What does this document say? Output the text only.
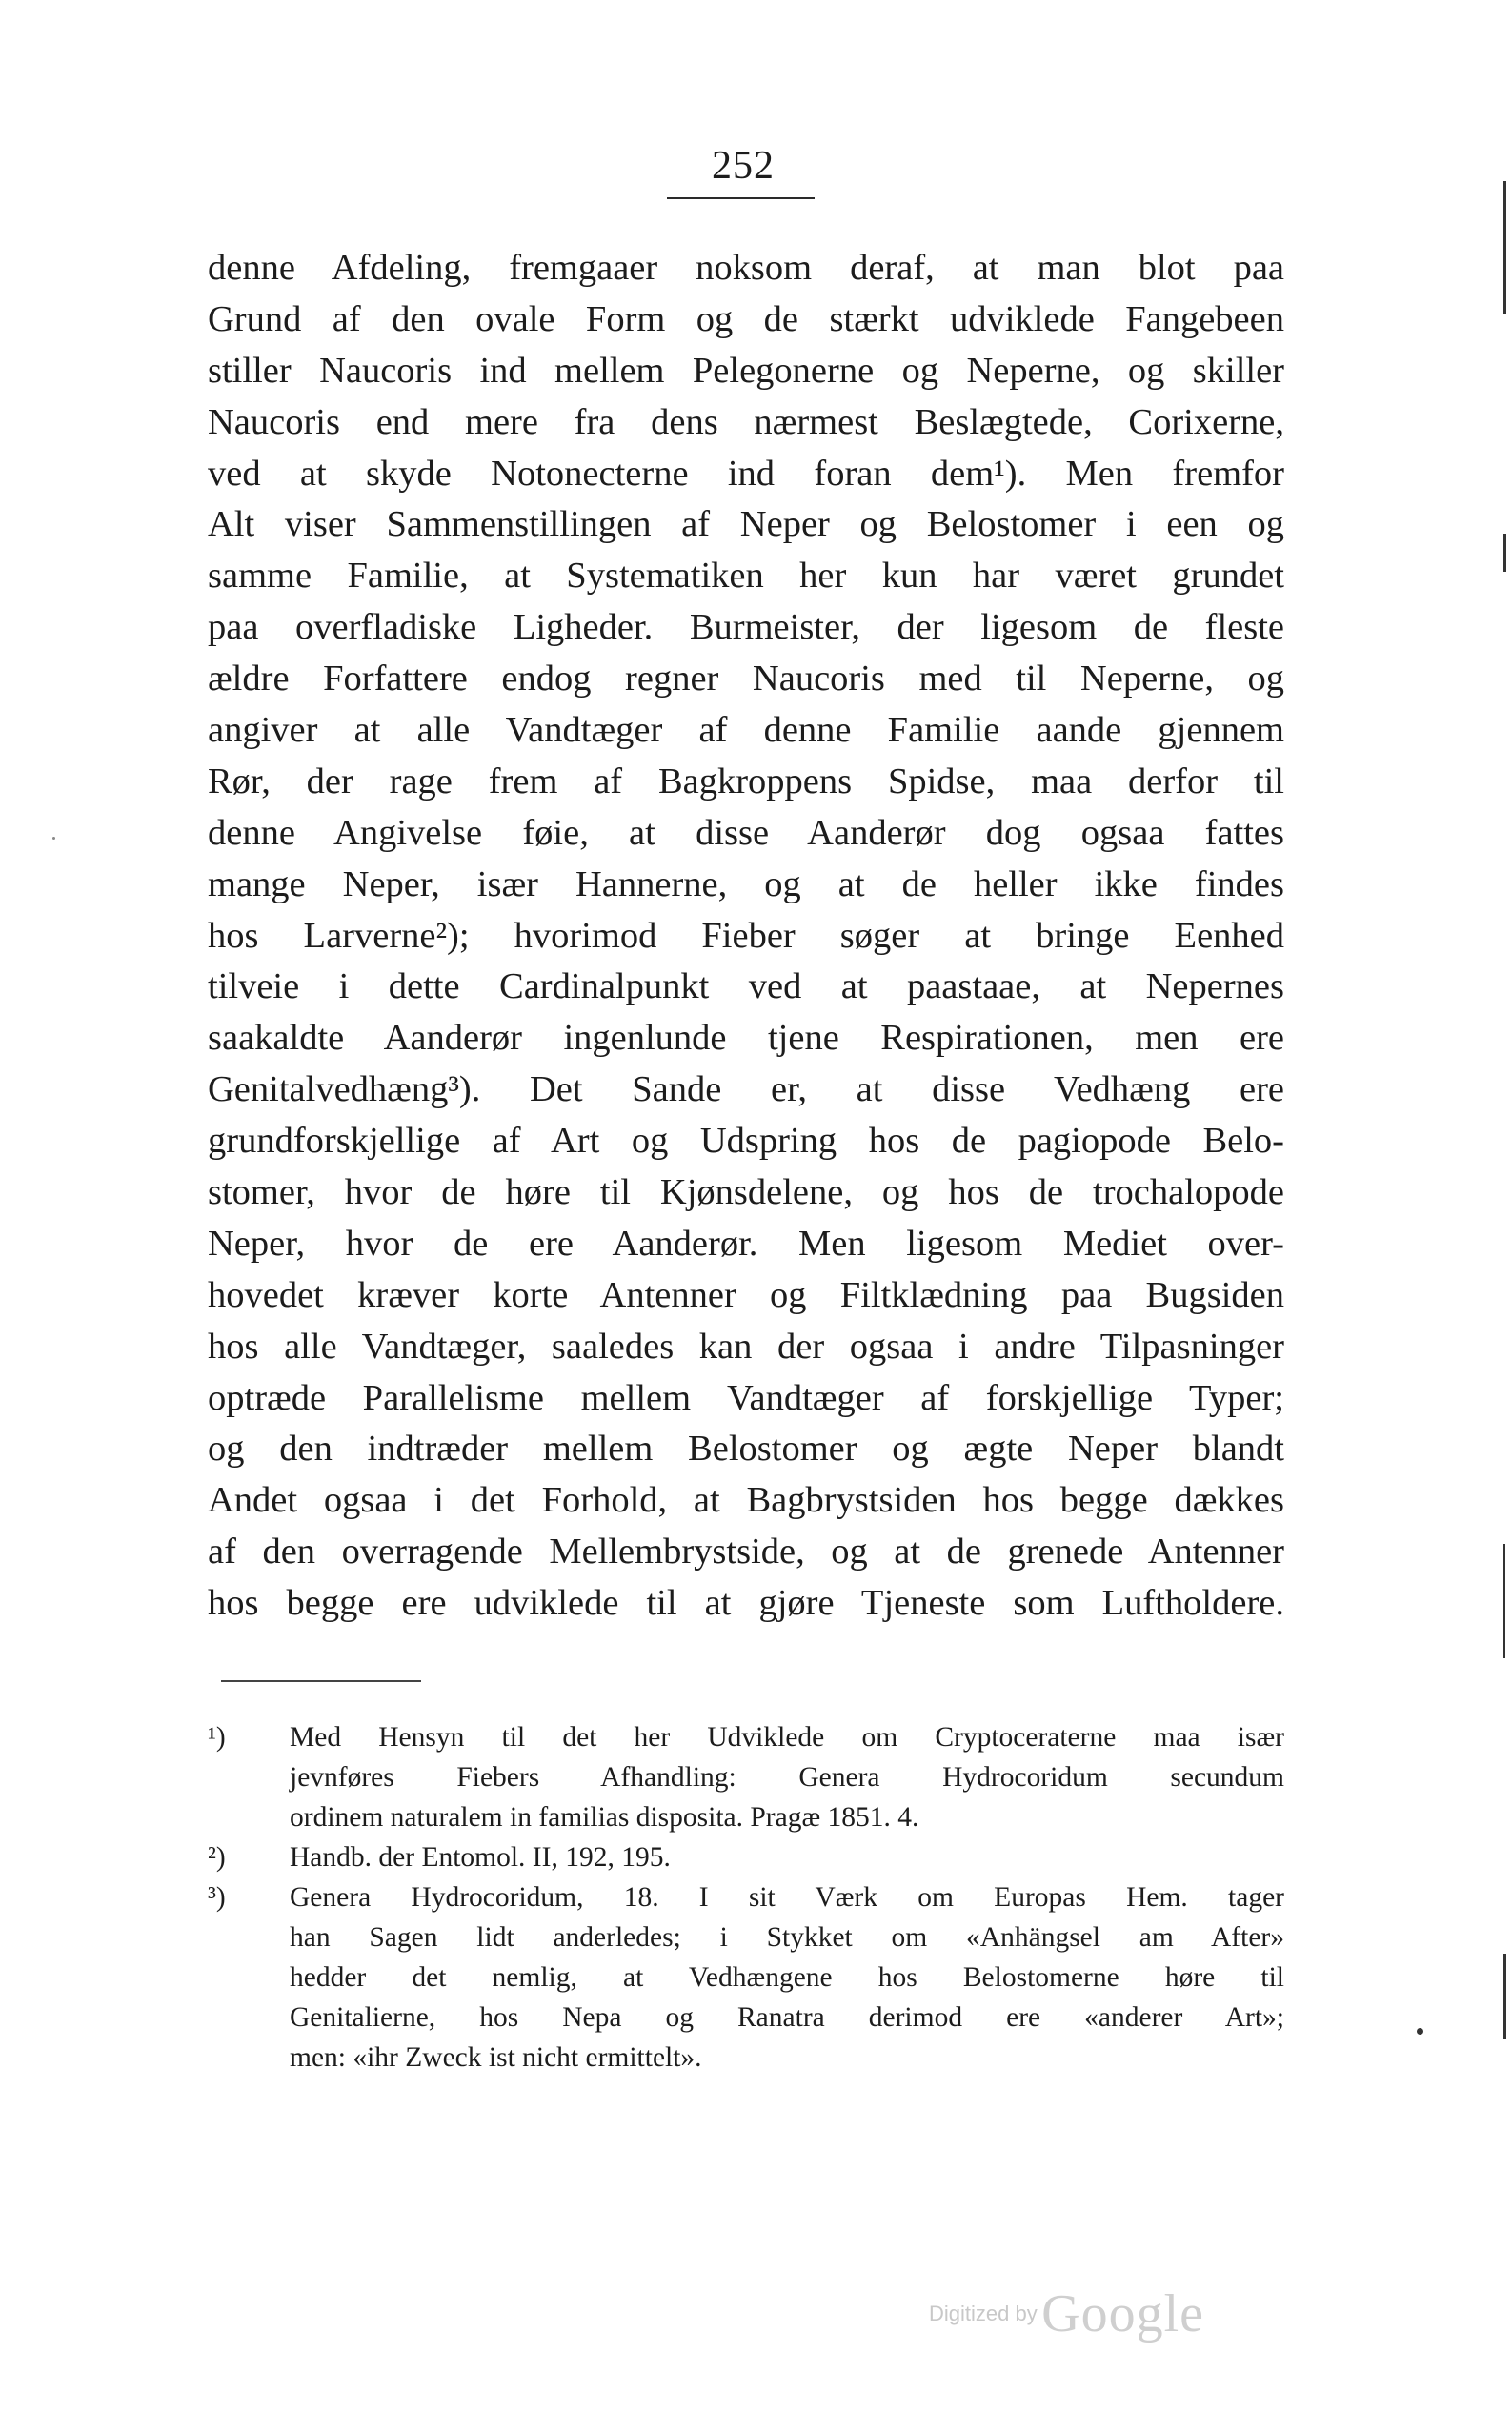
252
denne Afdeling, fremgaaer noksom deraf, at man blot paa
Grund af den ovale Form og de stærkt udviklede Fangebeen
stiller Naucoris ind mellem Pelegonerne og Neperne, og skiller
Naucoris end mere fra dens nærmest Beslægtede, Corixerne,
ved at skyde Notonecterne ind foran dem¹). Men fremfor
Alt viser Sammenstillingen af Neper og Belostomer i een og
samme Familie, at Systematiken her kun har været grundet
paa overfladiske Ligheder. Burmeister, der ligesom de fleste
ældre Forfattere endog regner Naucoris med til Neperne, og
angiver at alle Vandtæger af denne Familie aande gjennem
Rør, der rage frem af Bagkroppens Spidse, maa derfor til
denne Angivelse føie, at disse Aanderør dog ogsaa fattes
mange Neper, især Hannerne, og at de heller ikke findes
hos Larverne²); hvorimod Fieber søger at bringe Eenhed
tilveie i dette Cardinalpunkt ved at paastaae, at Nepernes
saakaldte Aanderør ingenlunde tjene Respirationen, men ere
Genitalvedhæng³). Det Sande er, at disse Vedhæng ere
grundforskjellige af Art og Udspring hos de pagiopode Belo-
stomer, hvor de høre til Kjønsdelene, og hos de trochalopode
Neper, hvor de ere Aanderør. Men ligesom Mediet over-
hovedet kræver korte Antenner og Filtklædning paa Bugsiden
hos alle Vandtæger, saaledes kan der ogsaa i andre Tilpasninger
optræde Parallelisme mellem Vandtæger af forskjellige Typer;
og den indtræder mellem Belostomer og ægte Neper blandt
Andet ogsaa i det Forhold, at Bagbrystsiden hos begge dækkes
af den overragende Mellembrystside, og at de grenede Antenner
hos begge ere udviklede til at gjøre Tjeneste som Luftholdere.
¹) Med Hensyn til det her Udviklede om Cryptoceraterne maa især
jevnføres Fiebers Afhandling: Genera Hydrocoridum secundum
ordinem naturalem in familias disposita. Pragæ 1851. 4.
²) Handb. der Entomol. II, 192, 195.
³) Genera Hydrocoridum, 18. I sit Værk om Europas Hem. tager
han Sagen lidt anderledes; i Stykket om «Anhängsel am After»
hedder det nemlig, at Vedhængene hos Belostomerne høre til
Genitalierne, hos Nepa og Ranatra derimod ere «anderer Art»;
men: «ihr Zweck ist nicht ermittelt».
Digitized by Google
